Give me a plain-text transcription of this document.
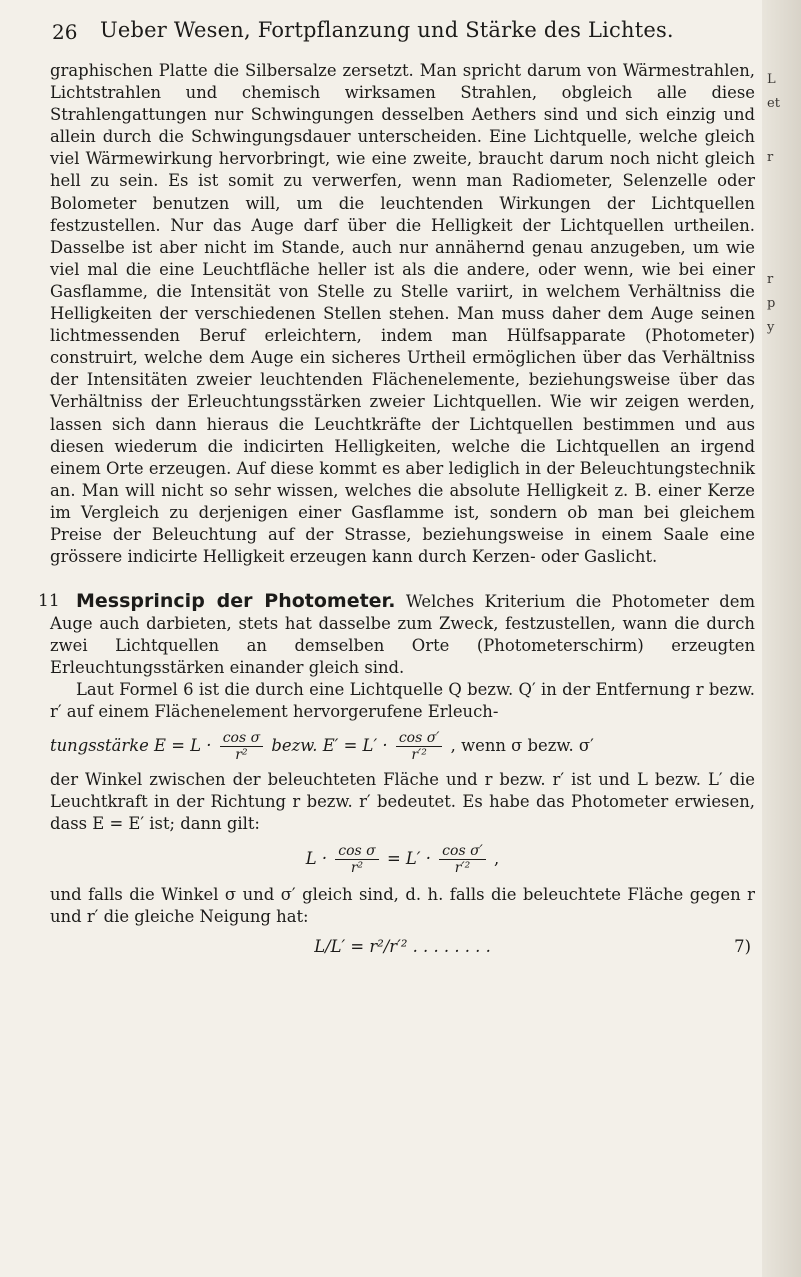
L
et
r
r
p
y
26 Ueber Wesen, Fortpflanzung und Stärke des Lichtes.

graphischen Platte die Silbersalze zersetzt. Man spricht darum von Wärmestrahlen, Lichtstrahlen und chemisch wirksamen Strahlen, obgleich alle diese Strahlengattungen nur Schwingungen desselben Aethers sind und sich einzig und allein durch die Schwingungsdauer unterscheiden. Eine Lichtquelle, welche gleich viel Wärmewirkung hervorbringt, wie eine zweite, braucht darum noch nicht gleich hell zu sein. Es ist somit zu verwerfen, wenn man Radiometer, Selenzelle oder Bolometer benutzen will, um die leuchtenden Wirkungen der Lichtquellen festzustellen. Nur das Auge darf über die Helligkeit der Lichtquellen urtheilen. Dasselbe ist aber nicht im Stande, auch nur annähernd genau anzugeben, um wie viel mal die eine Leuchtfläche heller ist als die andere, oder wenn, wie bei einer Gasflamme, die Intensität von Stelle zu Stelle variirt, in welchem Verhältniss die Helligkeiten der verschiedenen Stellen stehen. Man muss daher dem Auge seinen lichtmessenden Beruf erleichtern, indem man Hülfsapparate (Photometer) construirt, welche dem Auge ein sicheres Urtheil ermöglichen über das Verhältniss der Intensitäten zweier leuchtenden Flächenelemente, beziehungsweise über das Verhältniss der Erleuchtungsstärken zweier Lichtquellen. Wie wir zeigen werden, lassen sich dann hieraus die Leuchtkräfte der Lichtquellen bestimmen und aus diesen wiederum die indicirten Helligkeiten, welche die Lichtquellen an irgend einem Orte erzeugen. Auf diese kommt es aber lediglich in der Beleuchtungstechnik an. Man will nicht so sehr wissen, welches die absolute Helligkeit z. B. einer Kerze im Vergleich zu derjenigen einer Gasflamme ist, sondern ob man bei gleichem Preise der Beleuchtung auf der Strasse, beziehungsweise in einem Saale eine grössere indicirte Helligkeit erzeugen kann durch Kerzen- oder Gaslicht.

11 Messprincip der Photometer. Welches Kriterium die Photometer dem Auge auch darbieten, stets hat dasselbe zum Zweck, festzustellen, wann die durch zwei Lichtquellen an demselben Orte (Photometerschirm) erzeugten Erleuchtungsstärken einander gleich sind.
Laut Formel 6 ist die durch eine Lichtquelle Q bezw. Q′ in der Entfernung r bezw. r′ auf einem Flächenelement hervorgerufene Erleuch-
tungsstärke $E = L \cdot \frac{\text{cos σ}}{\text{r²}}$ bezw. $E' = L' \cdot \frac{\text{cos σ′}}{\text{r′²}}$ , wenn σ bezw. σ′
der Winkel zwischen der beleuchteten Fläche und r bezw. r′ ist und L bezw. L′ die Leuchtkraft in der Richtung r bezw. r′ bedeutet. Es habe das Photometer erwiesen, dass E = E′ ist; dann gilt:
$L \cdot \frac{\text{cos σ}}{\text{r²}} = L' \cdot \frac{\text{cos σ′}}{\text{r′²}}$ ,
und falls die Winkel σ und σ′ gleich sind, d. h. falls die beleuchtete Fläche gegen r und r′ die gleiche Neigung hat:
L/L′ = r²/r′² . . . . . . . .	7)
